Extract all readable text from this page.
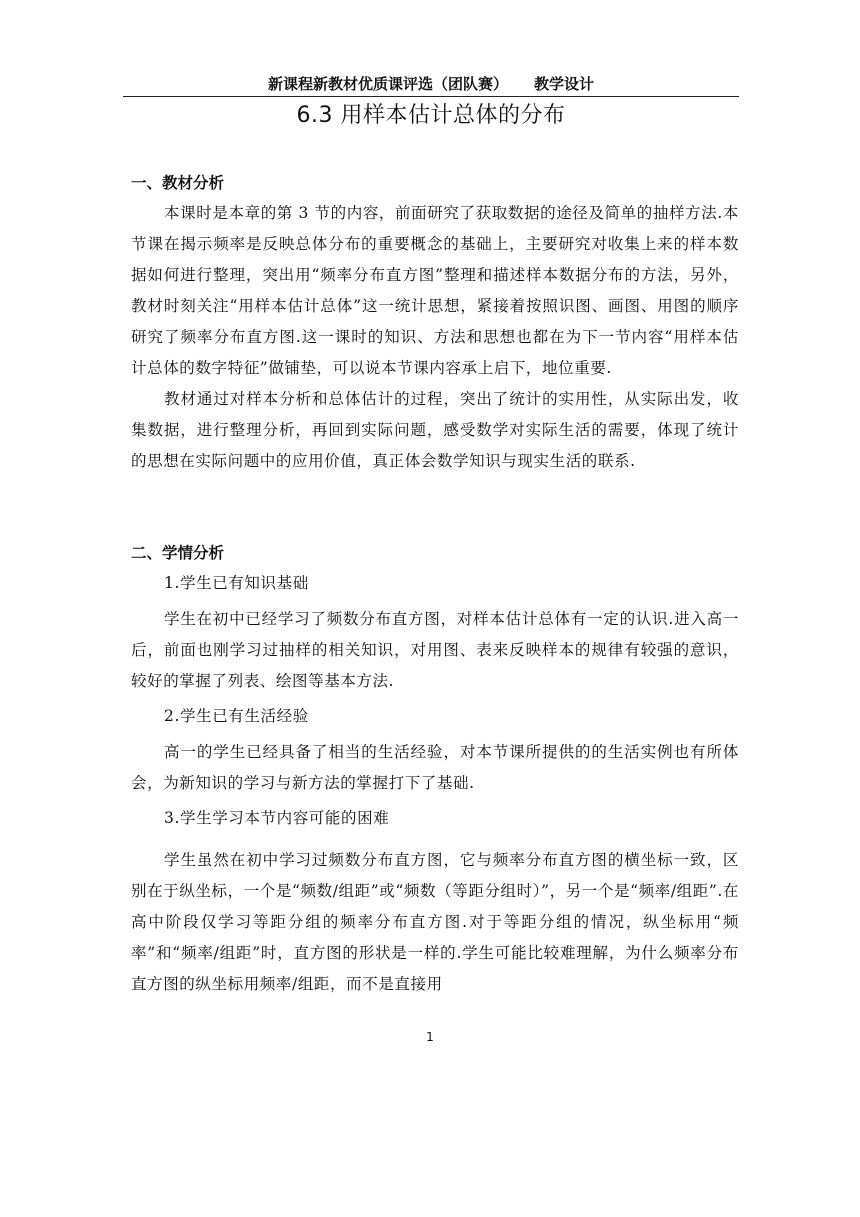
新课程新教材优质课评选（团队赛） 教学设计
6.3 用样本估计总体的分布
一、教材分析

本课时是本章的第 3 节的内容，前面研究了获取数据的途径及简单的抽样方法.本节课在揭示频率是反映总体分布的重要概念的基础上，主要研究对收集上来的样本数据如何进行整理，突出用“频率分布直方图”整理和描述样本数据分布的方法，另外，教材时刻关注“用样本估计总体”这一统计思想，紧接着按照识图、画图、用图的顺序研究了频率分布直方图.这一课时的知识、方法和思想也都在为下一节内容“用样本估计总体的数字特征”做铺垫，可以说本节课内容承上启下，地位重要.

教材通过对样本分析和总体估计的过程，突出了统计的实用性，从实际出发，收集数据，进行整理分析，再回到实际问题，感受数学对实际生活的需要，体现了统计的思想在实际问题中的应用价值，真正体会数学知识与现实生活的联系.

二、学情分析
1.学生已有知识基础

学生在初中已经学习了频数分布直方图，对样本估计总体有一定的认识.进入高一后，前面也刚学习过抽样的相关知识，对用图、表来反映样本的规律有较强的意识，较好的掌握了列表、绘图等基本方法.

2.学生已有生活经验

高一的学生已经具备了相当的生活经验，对本节课所提供的的生活实例也有所体会，为新知识的学习与新方法的掌握打下了基础.

3.学生学习本节内容可能的困难

学生虽然在初中学习过频数分布直方图，它与频率分布直方图的横坐标一致，区别在于纵坐标，一个是“频数/组距”或“频数（等距分组时）”，另一个是“频率/组距”.在高中阶段仅学习等距分组的频率分布直方图.对于等距分组的情况，纵坐标用“频率”和“频率/组距”时，直方图的形状是一样的.学生可能比较难理解，为什么频率分布直方图的纵坐标用频率/组距，而不是直接用

1
